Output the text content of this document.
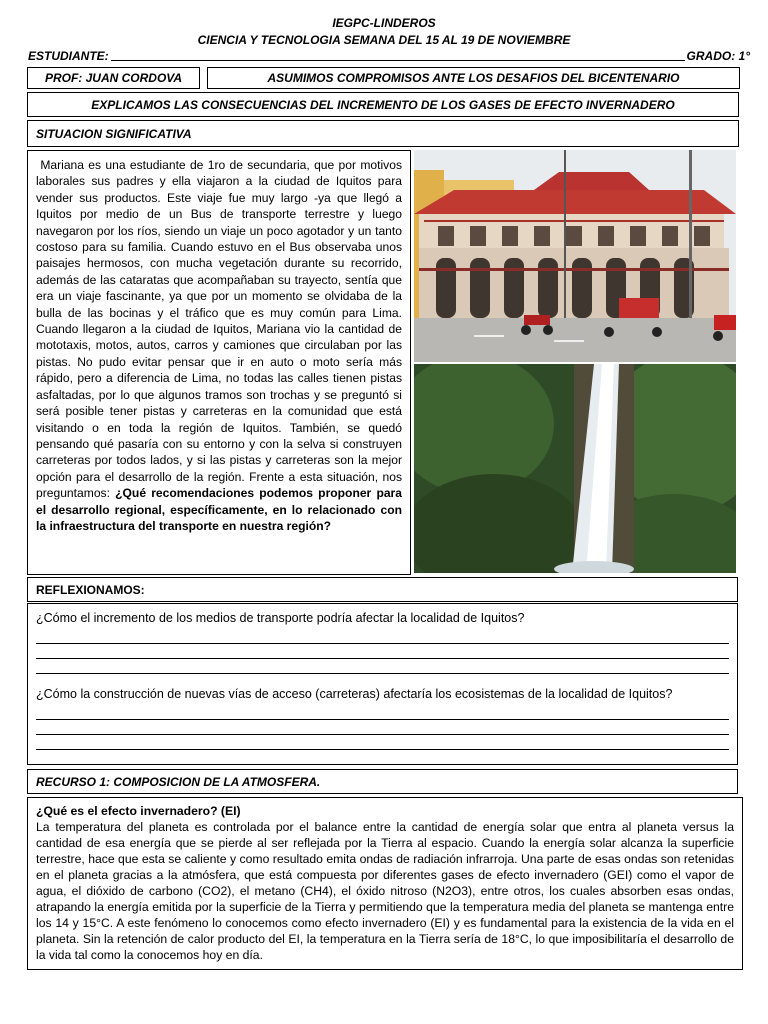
IEGPC-LINDEROS
CIENCIA Y TECNOLOGIA SEMANA DEL 15 AL 19 DE NOVIEMBRE
ESTUDIANTE:	GRADO: 1°
PROF: JUAN CORDOVA	ASUMIMOS COMPROMISOS ANTE LOS DESAFIOS DEL BICENTENARIO
EXPLICAMOS LAS CONSECUENCIAS DEL INCREMENTO DE LOS GASES DE EFECTO INVERNADERO
SITUACION SIGNIFICATIVA

Mariana es una estudiante de 1ro de secundaria, que por motivos laborales sus padres y ella viajaron a la ciudad de Iquitos para vender sus productos. Este viaje fue muy largo -ya que llegó a Iquitos por medio de un Bus de transporte terrestre y luego navegaron por los ríos, siendo un viaje un poco agotador y un tanto costoso para su familia. Cuando estuvo en el Bus observaba unos paisajes hermosos, con mucha vegetación durante su recorrido, además de las cataratas que acompañaban su trayecto, sentía que era un viaje fascinante, ya que por un momento se olvidaba de la bulla de las bocinas y el tráfico que es muy común para Lima. Cuando llegaron a la ciudad de Iquitos, Mariana vio la cantidad de mototaxis, motos, autos, carros y camiones que circulaban por las pistas. No pudo evitar pensar que ir en auto o moto sería más rápido, pero a diferencia de Lima, no todas las calles tienen pistas asfaltadas, por lo que algunos tramos son trochas y se preguntó si será posible tener pistas y carreteras en la comunidad que está visitando o en toda la región de Iquitos. También, se quedó pensando qué pasaría con su entorno y con la selva si construyen carreteras por todos lados, y si las pistas y carreteras son la mejor opción para el desarrollo de la región. Frente a esta situación, nos preguntamos: ¿Qué recomendaciones podemos proponer para el desarrollo regional, específicamente, en lo relacionado con la infraestructura del transporte en nuestra región?

REFLEXIONAMOS:

¿Cómo el incremento de los medios de transporte podría afectar la localidad de Iquitos?

¿Cómo la construcción de nuevas vías de acceso (carreteras) afectaría los ecosistemas de la localidad de Iquitos?

RECURSO 1: COMPOSICION DE LA ATMOSFERA.

¿Qué es el efecto invernadero? (EI)

La temperatura del planeta es controlada por el balance entre la cantidad de energía solar que entra al planeta versus la cantidad de esa energía que se pierde al ser reflejada por la Tierra al espacio. Cuando la energía solar alcanza la superficie terrestre, hace que esta se caliente y como resultado emita ondas de radiación infrarroja. Una parte de esas ondas son retenidas en el planeta gracias a la atmósfera, que está compuesta por diferentes gases de efecto invernadero (GEI) como el vapor de agua, el dióxido de carbono (CO2), el metano (CH4), el óxido nitroso (N2O3), entre otros, los cuales absorben esas ondas, atrapando la energía emitida por la superficie de la Tierra y permitiendo que la temperatura media del planeta se mantenga entre los 14 y 15°C. A este fenómeno lo conocemos como efecto invernadero (EI) y es fundamental para la existencia de la vida en el planeta. Sin la retención de calor producto del EI, la temperatura en la Tierra sería de 18°C, lo que imposibilitaría el desarrollo de la vida tal como la conocemos hoy en día.
